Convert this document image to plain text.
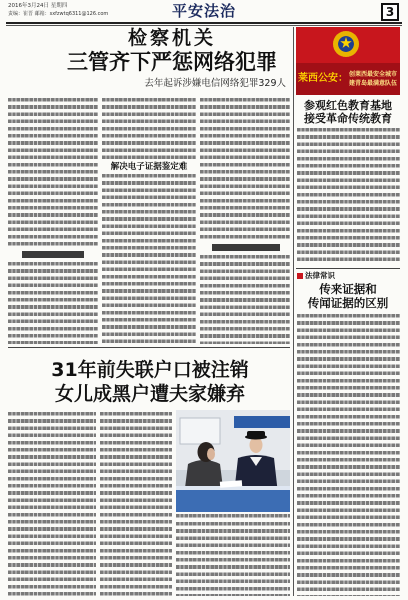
2016年3月24日 星期四
责编：崔晋 邮箱：sxfzwtq6311@126.com	平安法治	3
检察机关
三管齐下严惩网络犯罪
去年起诉涉嫌电信网络犯罪329人
解决电子证据鉴定难
31年前失联户口被注销
女儿成黑户遭夫家嫌弃
莱西公安： 创莱西最安全城市
建青岛最满意队伍
参观红色教育基地
接受革命传统教育
法律常识
传来证据和
传闻证据的区别
